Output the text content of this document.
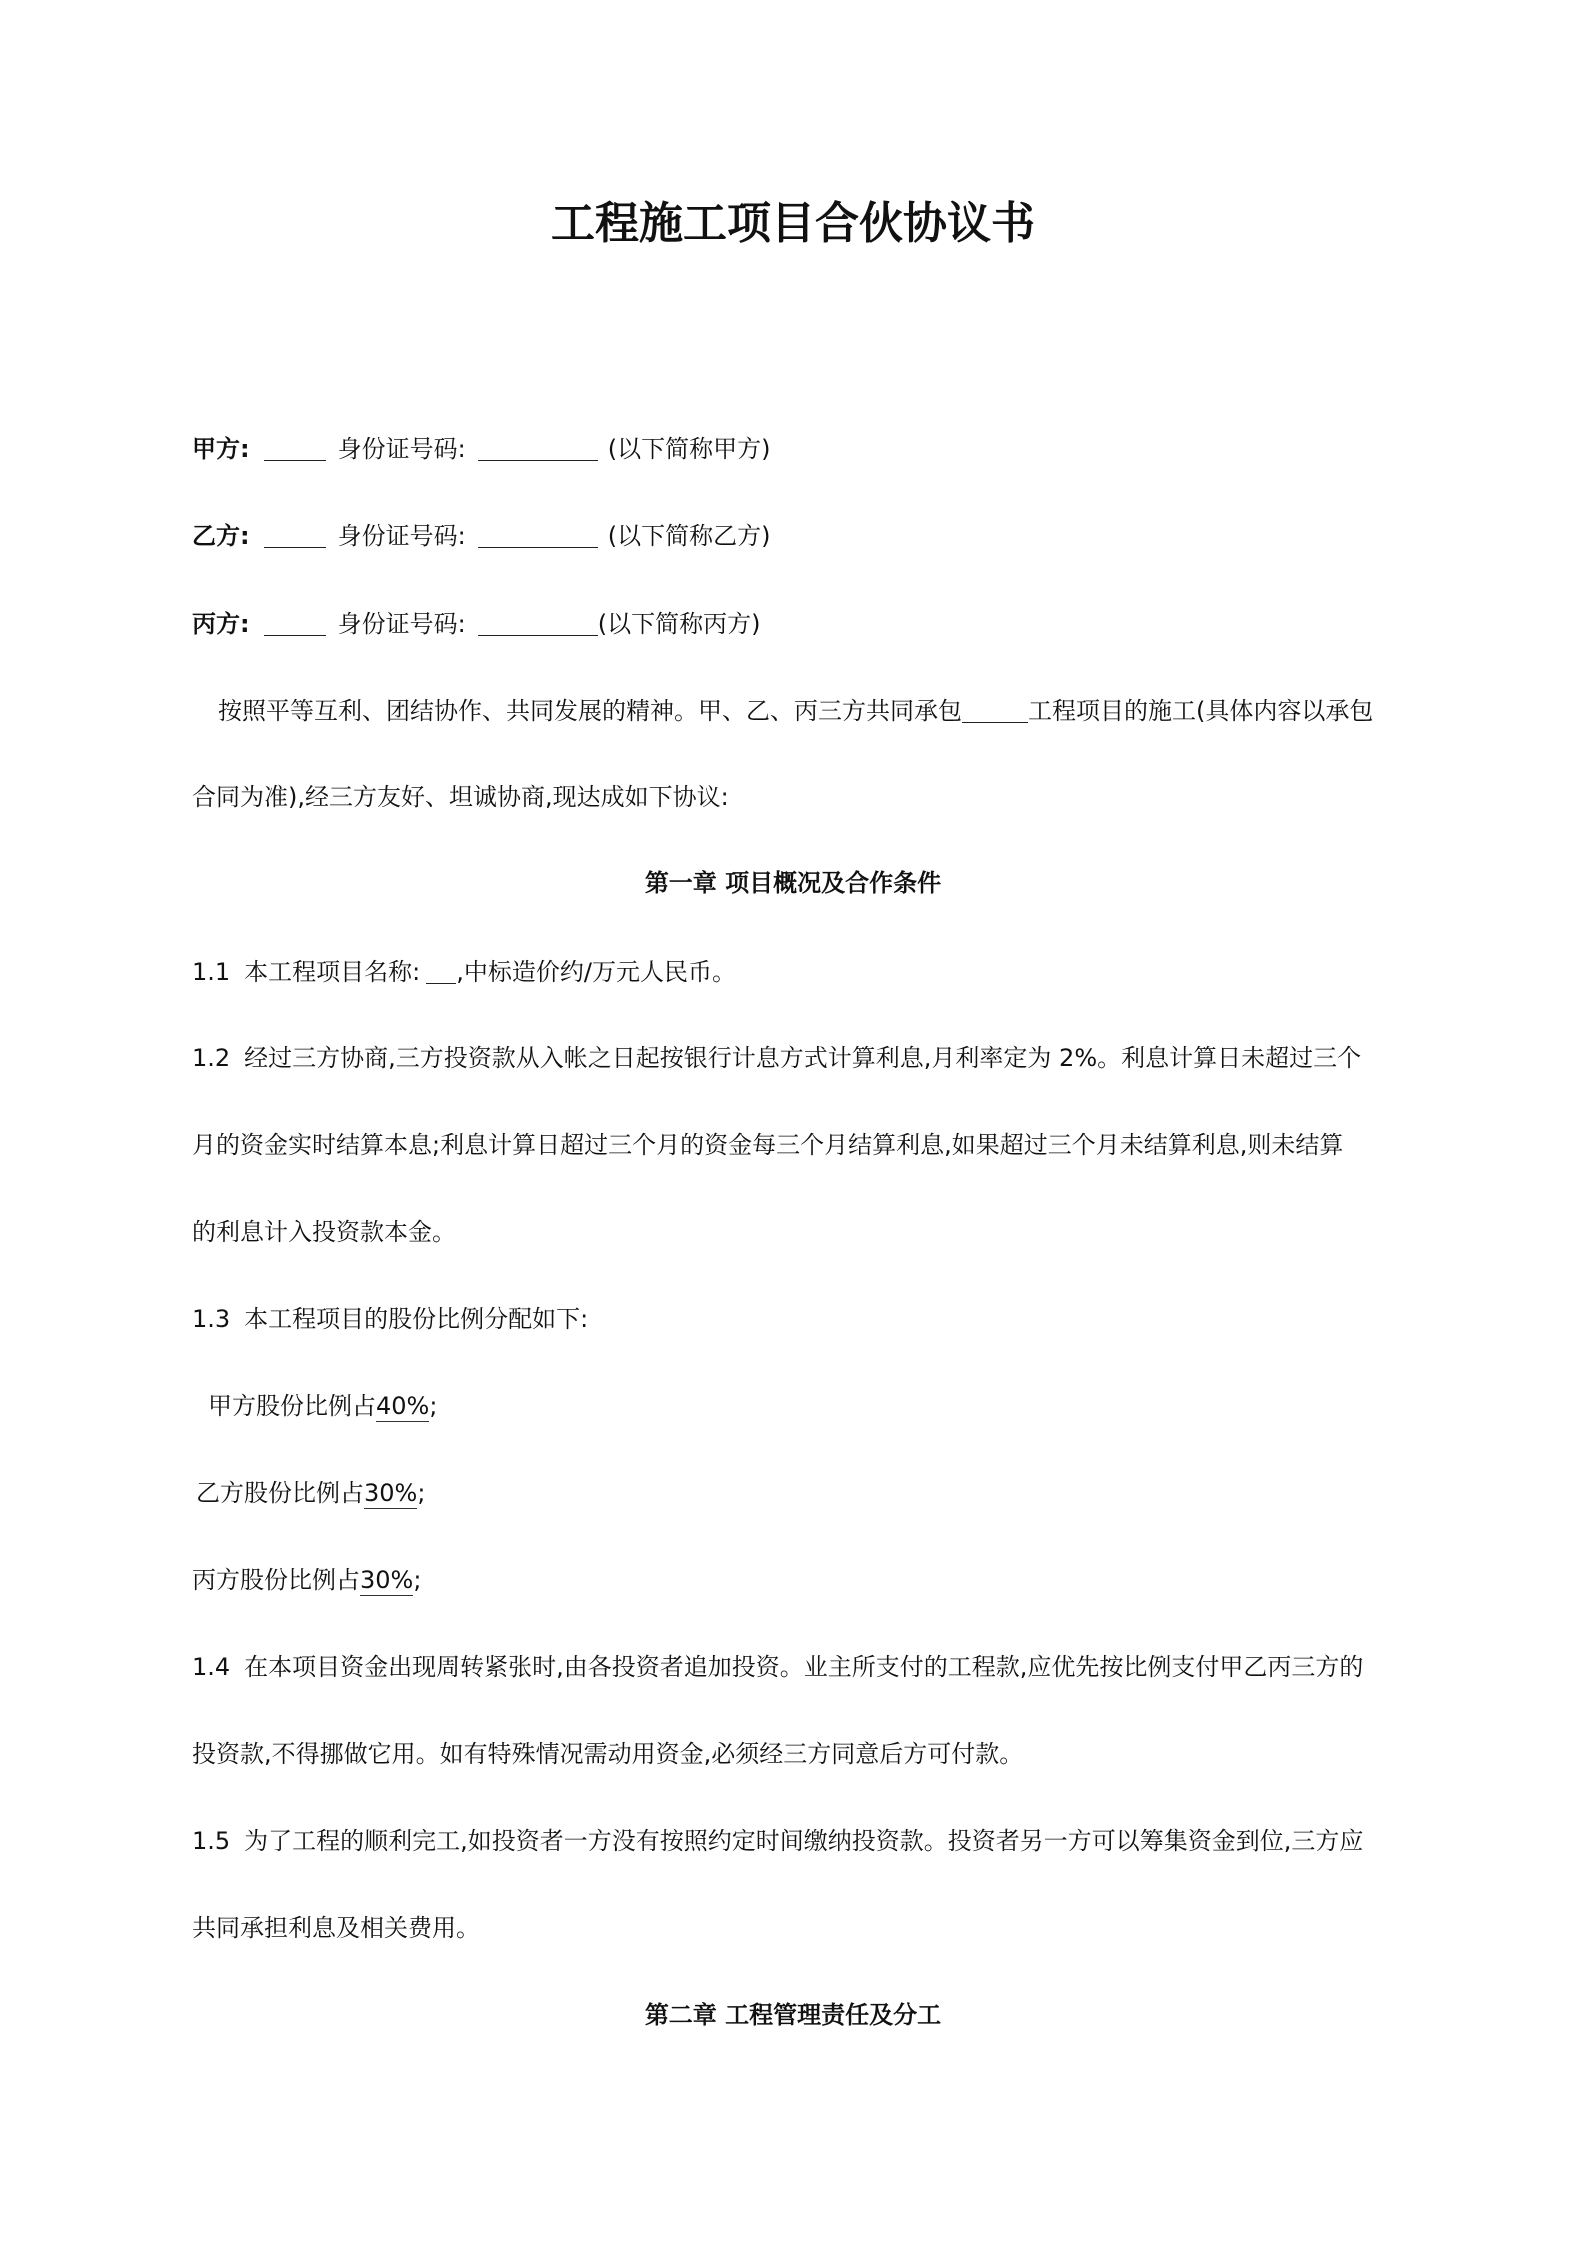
工程施工项目合伙协议书
甲方:	身份证号码:	(以下简称甲方)
乙方:	身份证号码:	(以下简称乙方)
丙方:	身份证号码:	(以下简称丙方)
按照平等互利、团结协作、共同发展的精神。甲、乙、丙三方共同承包	工程项目的施工(具体内容以承包
合同为准),经三方友好、坦诚协商,现达成如下协议:
第一章 项目概况及合作条件
1.1 本工程项目名称: ,中标造价约/万元人民币。
1.2 经过三方协商,三方投资款从入帐之日起按银行计息方式计算利息,月利率定为 2%。利息计算日未超过三个
月的资金实时结算本息;利息计算日超过三个月的资金每三个月结算利息,如果超过三个月未结算利息,则未结算
的利息计入投资款本金。
1.3 本工程项目的股份比例分配如下:
甲方股份比例占40%;
乙方股份比例占30%;
丙方股份比例占30%;
1.4 在本项目资金出现周转紧张时,由各投资者追加投资。业主所支付的工程款,应优先按比例支付甲乙丙三方的
投资款,不得挪做它用。如有特殊情况需动用资金,必须经三方同意后方可付款。
1.5 为了工程的顺利完工,如投资者一方没有按照约定时间缴纳投资款。投资者另一方可以筹集资金到位,三方应
共同承担利息及相关费用。
第二章 工程管理责任及分工
